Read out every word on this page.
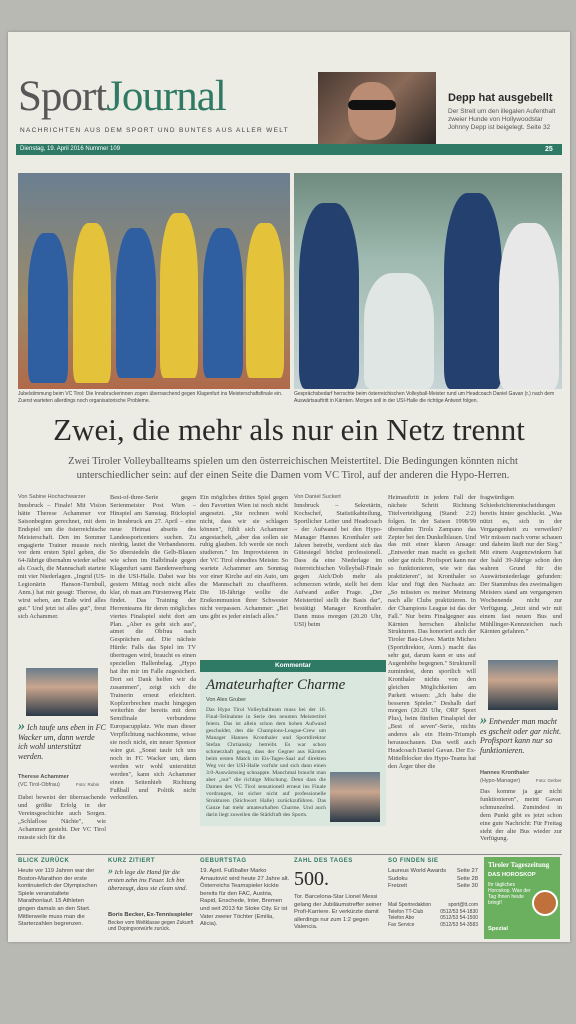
SportJournal
NACHRICHTEN AUS DEM SPORT UND BUNTES AUS ALLER WELT
Depp hat ausgebellt
Der Streit um den illegalen Aufenthalt zweier Hunde von Hollywoodstar Johnny Depp ist beigelegt. Seite 32
Dienstag, 19. April 2016 Nummer 109	25
Jubelstimmung beim VC Tirol: Die Innsbruckerinnen zogen überraschend gegen Klagenfurt ins Meisterschaftsfinale ein. Zuerst warteten allerdings noch organisatorische Probleme.
Gesprächsbedarf herrschte beim österreichischen Volleyball-Meister rund um Headcoach Daniel Gavan (r.) nach dem Auswärtsauftritt in Kärnten. Morgen soll in der USI-Halle die richtige Antwort folgen.
Zwei, die mehr als nur ein Netz trennt
Zwei Tiroler Volleyballteams spielen um den österreichischen Meistertitel. Die Bedingungen könnten nicht unterschiedlicher sein: auf der einen Seite die Damen vom VC Tirol, auf der anderen die Hypo-Herren.
Von Sabine Hochschwarzer	Von Daniel Suckert
Innsbruck – Finale! Mit Vision hätte Therese Achammer vor Saisonbeginn gerechnet, mit dem Endspiel um die österreichische Meisterschaft. Den im Sommer engagierte Trainer musste noch vor dem ersten Spiel gehen, die 64-Jährige übernahm wieder selbst als Coach, die Mannschaft startete mit vier Niederlagen. „Ingrid (US-Legionärin Hanson-Turnbull, Anm.) hat mir gesagt: Therese, du wirst sehen, am Ende wird alles gut." Und jetzt ist alles gut", freut sich Achammer.
» Ich taufe uns eben in FC Wacker um, dann werde ich wohl unterstützt werden.
Therese Achammer
(VC Tirol-Obfrau)	Foto: Rubin
Dabei beweist der überraschende und größte Erfolg in der Vereinsgeschichte auch Sorgen. „Schlaflose Nächte", wie Achammer gesteht. Der VC Tirol musste sich für die
Best-of-three-Serie gegen Serienmeister Post Wien – Hinspiel am Samstag. Rückspiel in Innsbruck am 27. April – eine neue Heimat abseits des Landessportcenters suchen. Zu niedrig, lautet die Verbandsnorm. So übersiedeln die Gelb-Blauen wie schon im Halbfinale gegen Klagenfurt samt Bandenwerbung in die USI-Halle. Dabei war bis gestern Mittag noch nicht alles klar, ob man am Fürstenweg Platz findet. Das Training der Herrenteams für deren mögliches viertes Finalspiel steht dort am Plan. „Aber es geht sich aus", atmet die Obfrau nach Gesprächen auf. Die nächste Hürde: Falls das Spiel im TV übertragen wird, braucht es einen speziellen Hallenbelag. „Hypo hat ihn mir im Falle zugesichert. Dort sei Dank helfen wir da zusammen", zeigt sich die Trainerin erneut erleichtert. Kopfzerbrechen macht hingegen weiterhin der bereits mit dem Semifinale verbundene Europacupplatz. Wie man dieser Verpflichtung nachkomme, wisse sie noch nicht, ein neuer Sponsor wäre gut. „Sonst taufe ich uns noch in FC Wacker um, dann werden wir wohl unterstützt werden", kann sich Achammer einen Seitenhieb Richtung Fußball und Politik nicht verkneifen.
Ein mögliches drittes Spiel gegen den Favoriten Wien ist noch nicht angesetzt. „Sie rechnen wohl nicht, dass wir sie schlagen können", fühlt sich Achammer angestachelt, „aber das sollen sie ruhig glauben. Ich werde sie noch studieren." Im Improvisieren in der VC Tirol ohnedies Meister. So wartete Achammer am Sonntag vor einer Kirche auf ein Auto, um die Mannschaft zu chauffieren. Die 18-Jährige wollte die Erstkommunion ihrer Schwester nicht verpassen. Achammer: „Bei uns gibt es jeder einfach alles."
Innsbruck – Sekretärin, Kochschef, Statistikabteilung, Sportlicher Leiter und Headcoach – der Aufwand bei den Hypo-Manager Hannes Kronthaler seit Jahren betreibt, verdient sich das Gütesiegel höchst professionell. Dass da eine Niederlage im österreichischen Volleyball-Finale gegen Aich/Dob mehr als schmerzen würde, stellt bei dem Aufwand außer Frage. „Der Meistertitel stellt die Basis dar", bestätigt Manager Kronthaler. Dann muss morgen (20.20 Uhr, USI) beim
Heimauftritt in jedem Fall der nächste Schritt Richtung Titelverteidigung (Stand: 2:2) folgen. In der Saison 1998/99 übernahm Tirols Zampano das Zepter bei den Dunkelblauen. Und das mit einer klaren Ansage: „Entweder man macht es gscheit oder gar nicht. Profisport kann nur so funktionieren, wie wir das praktizieren", ist Kronthaler so klar und fügt den Nachsatz an: „So müssten es meiner Meinung nach alle Clubs praktizieren. In der Champions League ist das der Fall." Nur beim Finalgegner aus Kärnten herrschen ähnliche Strukturen. Das honoriert auch der Tiroler Bau-Löwe. Martin Micheu (Sportdirektor, Anm.) macht das sehr gut, darum kann er uns auf Augenhöhe begegnen." Strukturell zumindest, denn sportlich will Kronthaler nichts von den gleichen Möglichkeiten am Parkett wissen: „Ich habe die besseren Spieler." Deshalb darf morgen (20.20 Uhr, ORF Sport Plus), beim fünften Finalspiel der „Best of seven"-Serie, nichts anderes als ein Heim-Triumph herausschauen. Das weiß auch Headcoach Daniel Gavan. Der Ex-Mittelblocker des Hypo-Teams hat den Ärger über die
fragwürdigen Schiedsrichterentscheidungen bereits hinter geschluckt. „Was nützt es, sich in der Vergangenheit zu verweilen? Wir müssen nach vorne schauen und daheim läuft nur der Sieg." Mit einem Augenzwinkern hat der bald 39-Jährige schon den wahren Grund für die Auswärtsniederlage gefunden: Der Stammbus des zweimaligen Meisters stand am vergangenen Wochenende nicht zur Verfügung. „Jetzt sind wir mit einem fast neuen Bus und Mühllinger-Kennzeichen nach Kärnten gefahren."
» Entweder man macht es gscheit oder gar nicht. Profisport kann nur so funktionieren.
Hannes Kronthaler
(Hypo-Manager)	Foto: Gerber
Das komme ja gar nicht funktionieren", meint Gavan schmunzelnd. Zumindest in dem Punkt gibt es jetzt schon eine gute Nachricht: Für Freitag steht der alte Bus wieder zur Verfügung.
Kommentar
Amateurhafter Charme
Von Alex Gruber
Das Hypo Tirol Volleyballteam muss bei der 16. Final-Teilnahme in Serie den neunten Meistertitel feiern. Das ist allein schon dem hohen Aufwand geschuldet, den die Champions-League-Crew um Manager Hannes Kronthaler und Sportdirektor Stefan Chrtiansky betreibt. Es war schon schmerzhaft genug, dass der Gegner aus Kärnten beim ersten Match im Eis-Tages-Saal auf direkten Weg vor der USI-Halle vorfuhr und sich dann einen 3:0-Auswärtssieg schnappte. Manchmal braucht man aber „nur" die richtige Mischung. Denn dass die Damen des VC Tirol sensationell erneut ins Finale vordrangen, ist sicher nicht auf professionelle Strukturen (Stichwort Halle) zurückzuführen. Das Ganze hat mehr amateurhaften Charme. Und auch darin liegt zuweilen die Stärkfraft des Sports.
BLICK ZURÜCK
Heute vor 119 Jahren war der Boston-Marathon der erste kontinuierlich der Olympischen Spiele veranstaltete Marathonlauf. 15 Athleten gingen damals an den Start. Mittlerweile muss man die Starterzahlen begrenzen.
KURZ ZITIERT
» Ich lege die Hand für die ersten zehn ins Feuer. Ich bin überzeugt, dass sie clean sind.
Boris Becker, Ex-Tennisspieler
Becker vom Weltklasse gegen Zukunft und Dopingvorwürfe zurück.
GEBURTSTAG
19. April. Fußballer Marko Arnautović wird heute 27 Jahre alt. Österreichs Teamspieler kickte bereits für den FAC, Austria, Rapid, Enschede, Inter, Bremen und seit 2013 für Stoke City. Er ist Vater zweier Töchter (Emilia, Alicia).
ZAHL DES TAGES
500.
Tor. Barcelona-Star Lionel Messi gelang der Jubiläumstreffer seiner Profi-Karriere. Er verkürzte damit allerdings nur zum 1:2 gegen Valencia.
SO FINDEN SIE
Laureus World Awards Seite 27
Sudoku	Seite 28
Freizeit	Seite 30
Mail Sportredaktion	sport@tt.com
Telefon TT-Club	0512/53 54-1830
Telefon Abo	0512/53 54-1500
Fax Service	0512/53 54-3583
Tiroler Tageszeitung
DAS HOROSKOP
Ihr tägliches Horoskop. Was der Tag Ihnen heute bringt!
Spezial
